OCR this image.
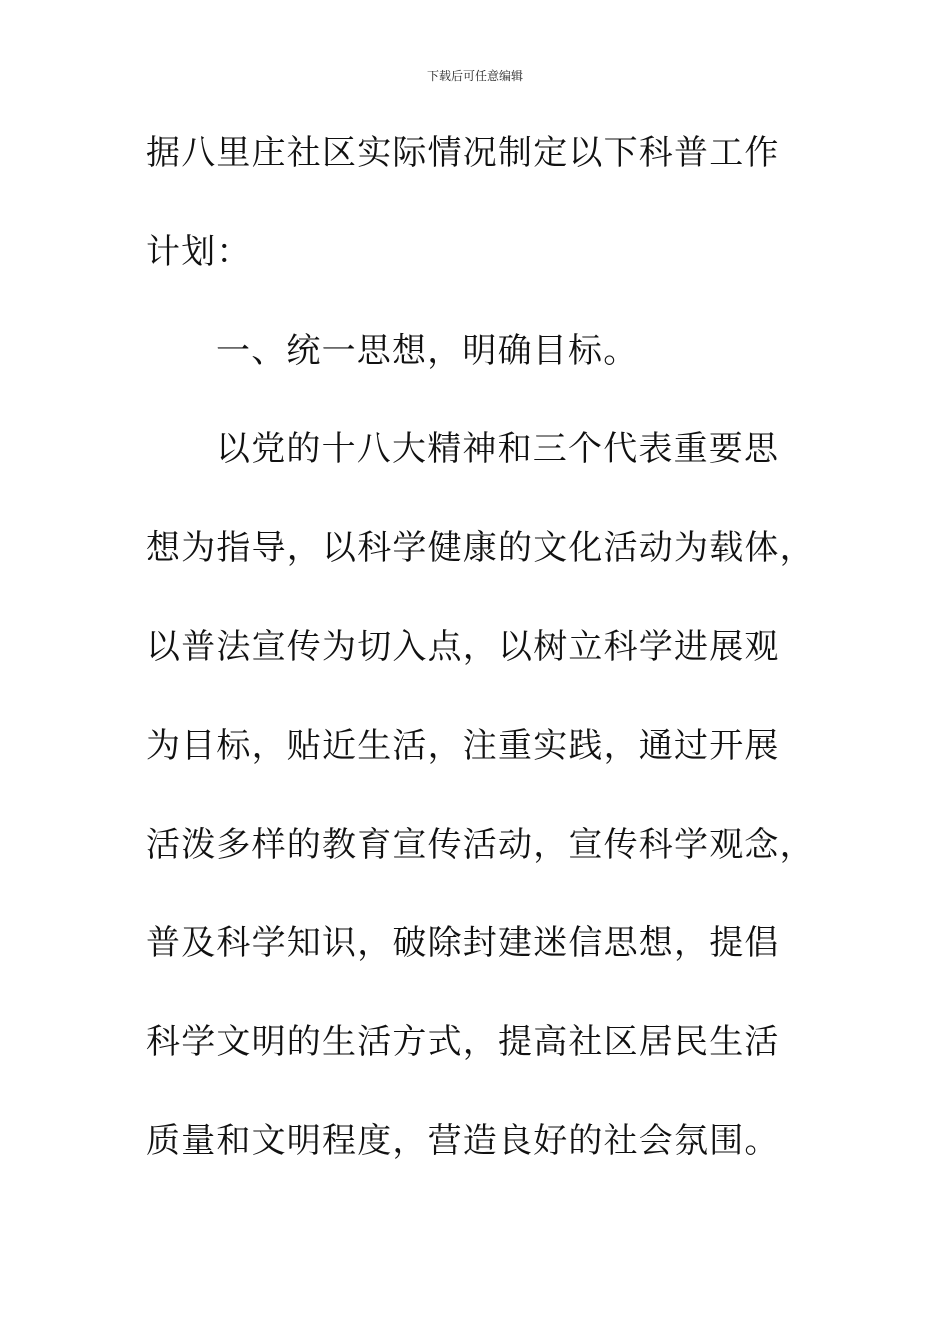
下载后可任意编辑
据八里庄社区实际情况制定以下科普工作
计划：
一、统一思想，明确目标。
以党的十八大精神和三个代表重要思
想为指导，以科学健康的文化活动为载体，
以普法宣传为切入点，以树立科学进展观
为目标，贴近生活，注重实践，通过开展
活泼多样的教育宣传活动，宣传科学观念，
普及科学知识，破除封建迷信思想，提倡
科学文明的生活方式，提高社区居民生活
质量和文明程度，营造良好的社会氛围。
